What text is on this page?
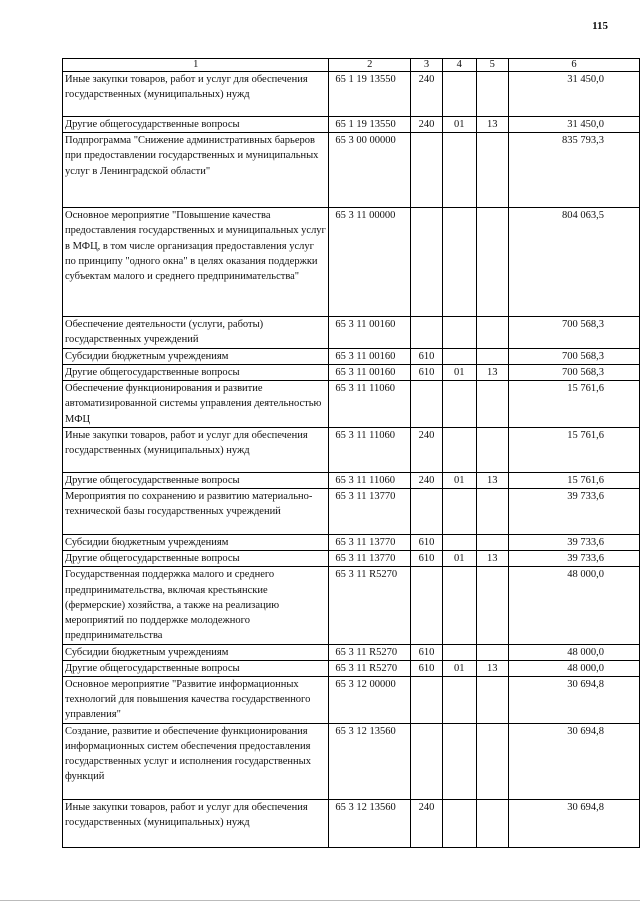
115
1	2	3	4	5	6
Иные закупки товаров, работ и услуг для обеспечения государственных (муниципальных) нужд	65 1 19 13550	240			31 450,0
Другие общегосударственные вопросы	65 1 19 13550	240	01	13	31 450,0
Подпрограмма "Снижение административных барьеров при предоставлении государственных и муниципальных услуг в Ленинградской области"	65 3 00 00000				835 793,3
Основное мероприятие "Повышение качества предоставления государственных и муниципальных услуг в МФЦ, в том числе организация предоставления услуг по принципу "одного окна" в целях оказания поддержки субъектам малого и среднего предпринимательства"	65 3 11 00000				804 063,5
Обеспечение деятельности (услуги, работы) государственных учреждений	65 3 11 00160				700 568,3
Субсидии бюджетным учреждениям	65 3 11 00160	610			700 568,3
Другие общегосударственные вопросы	65 3 11 00160	610	01	13	700 568,3
Обеспечение функционирования и развитие автоматизированной системы управления деятельностью МФЦ	65 3 11 11060				15 761,6
Иные закупки товаров, работ и услуг для обеспечения государственных (муниципальных) нужд	65 3 11 11060	240			15 761,6
Другие общегосударственные вопросы	65 3 11 11060	240	01	13	15 761,6
Мероприятия по сохранению и развитию материально-технической базы государственных учреждений	65 3 11 13770				39 733,6
Субсидии бюджетным учреждениям	65 3 11 13770	610			39 733,6
Другие общегосударственные вопросы	65 3 11 13770	610	01	13	39 733,6
Государственная поддержка малого и среднего предпринимательства, включая крестьянские (фермерские) хозяйства, а также на реализацию мероприятий по поддержке молодежного предпринимательства	65 3 11 R5270				48 000,0
Субсидии бюджетным учреждениям	65 3 11 R5270	610			48 000,0
Другие общегосударственные вопросы	65 3 11 R5270	610	01	13	48 000,0
Основное мероприятие "Развитие информационных технологий для повышения качества государственного управления"	65 3 12 00000				30 694,8
Создание, развитие и обеспечение функционирования информационных систем обеспечения предоставления государственных услуг и исполнения государственных функций	65 3 12 13560				30 694,8
Иные закупки товаров, работ и услуг для обеспечения государственных (муниципальных) нужд	65 3 12 13560	240			30 694,8
